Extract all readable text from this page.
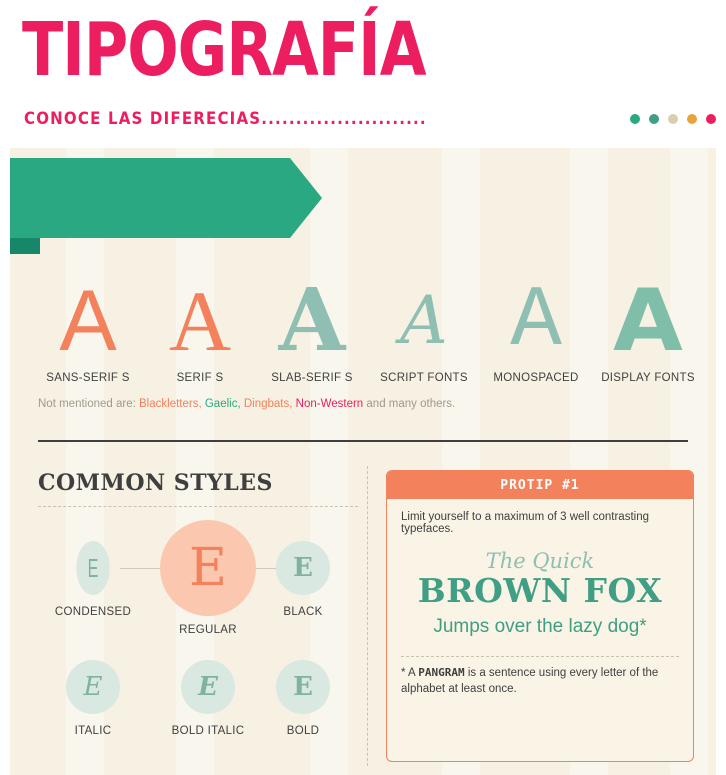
TIPOGRAFÍA
CONOCE LAS DIFERECIAS........................
A A A A A A
SANS-SERIF S	SERIF S	SLAB-SERIF S	SCRIPT FONTS	MONOSPACED	DISPLAY FONTS
Not mentioned are: Blackletters, Gaelic, Dingbats, Non-Western and many others.
COMMON STYLES
E E	E
CONDENSED
REGULAR
BLACK
E	E	E
ITALIC	BOLD ITALIC	BOLD
PROTIP #1
Limit yourself to a maximum of 3 well contrasting typefaces.
The Quick
BROWN FOX
Jumps over the lazy dog*
* A PANGRAM is a sentence using every letter of the alphabet at least once.
